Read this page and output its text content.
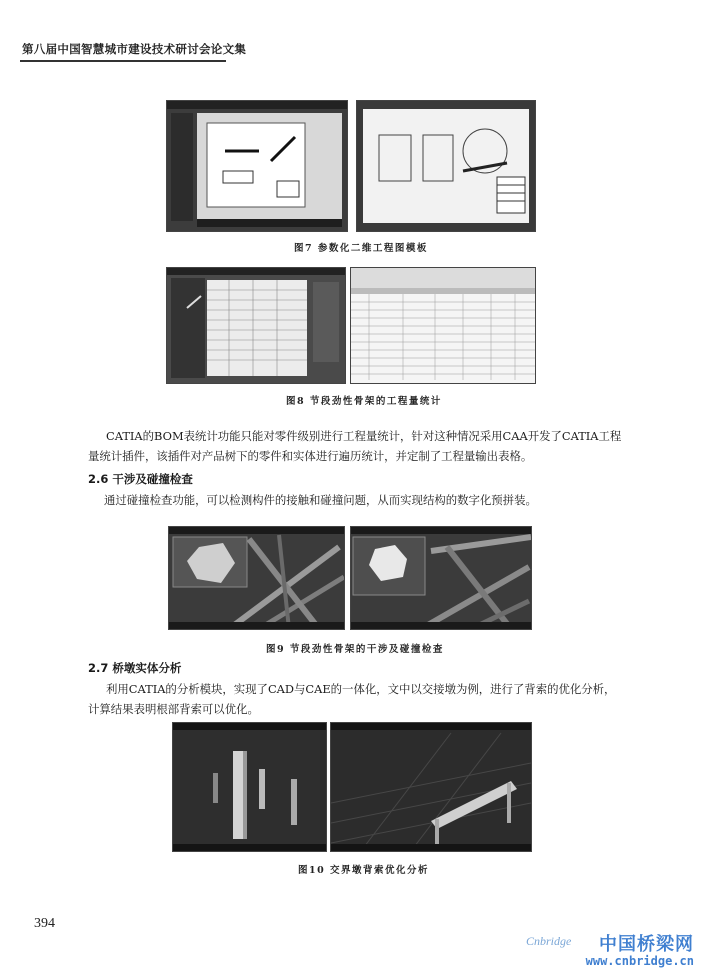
第八届中国智慧城市建设技术研讨会论文集
图7 参数化二维工程图模板
图8 节段劲性骨架的工程量统计
CATIA的BOM表统计功能只能对零件级别进行工程量统计，针对这种情况采用CAA开发了CATIA工程量统计插件，该插件对产品树下的零件和实体进行遍历统计，并定制了工程量输出表格。
2.6 干涉及碰撞检查
通过碰撞检查功能，可以检测构件的接触和碰撞问题，从而实现结构的数字化预拼装。
图9 节段劲性骨架的干涉及碰撞检查
2.7 桥墩实体分析
利用CATIA的分析模块，实现了CAD与CAE的一体化，文中以交接墩为例，进行了背索的优化分析，计算结果表明根部背索可以优化。
图10 交界墩背索优化分析
394
Cnbridge 中国桥梁网
www.cnbridge.cn
